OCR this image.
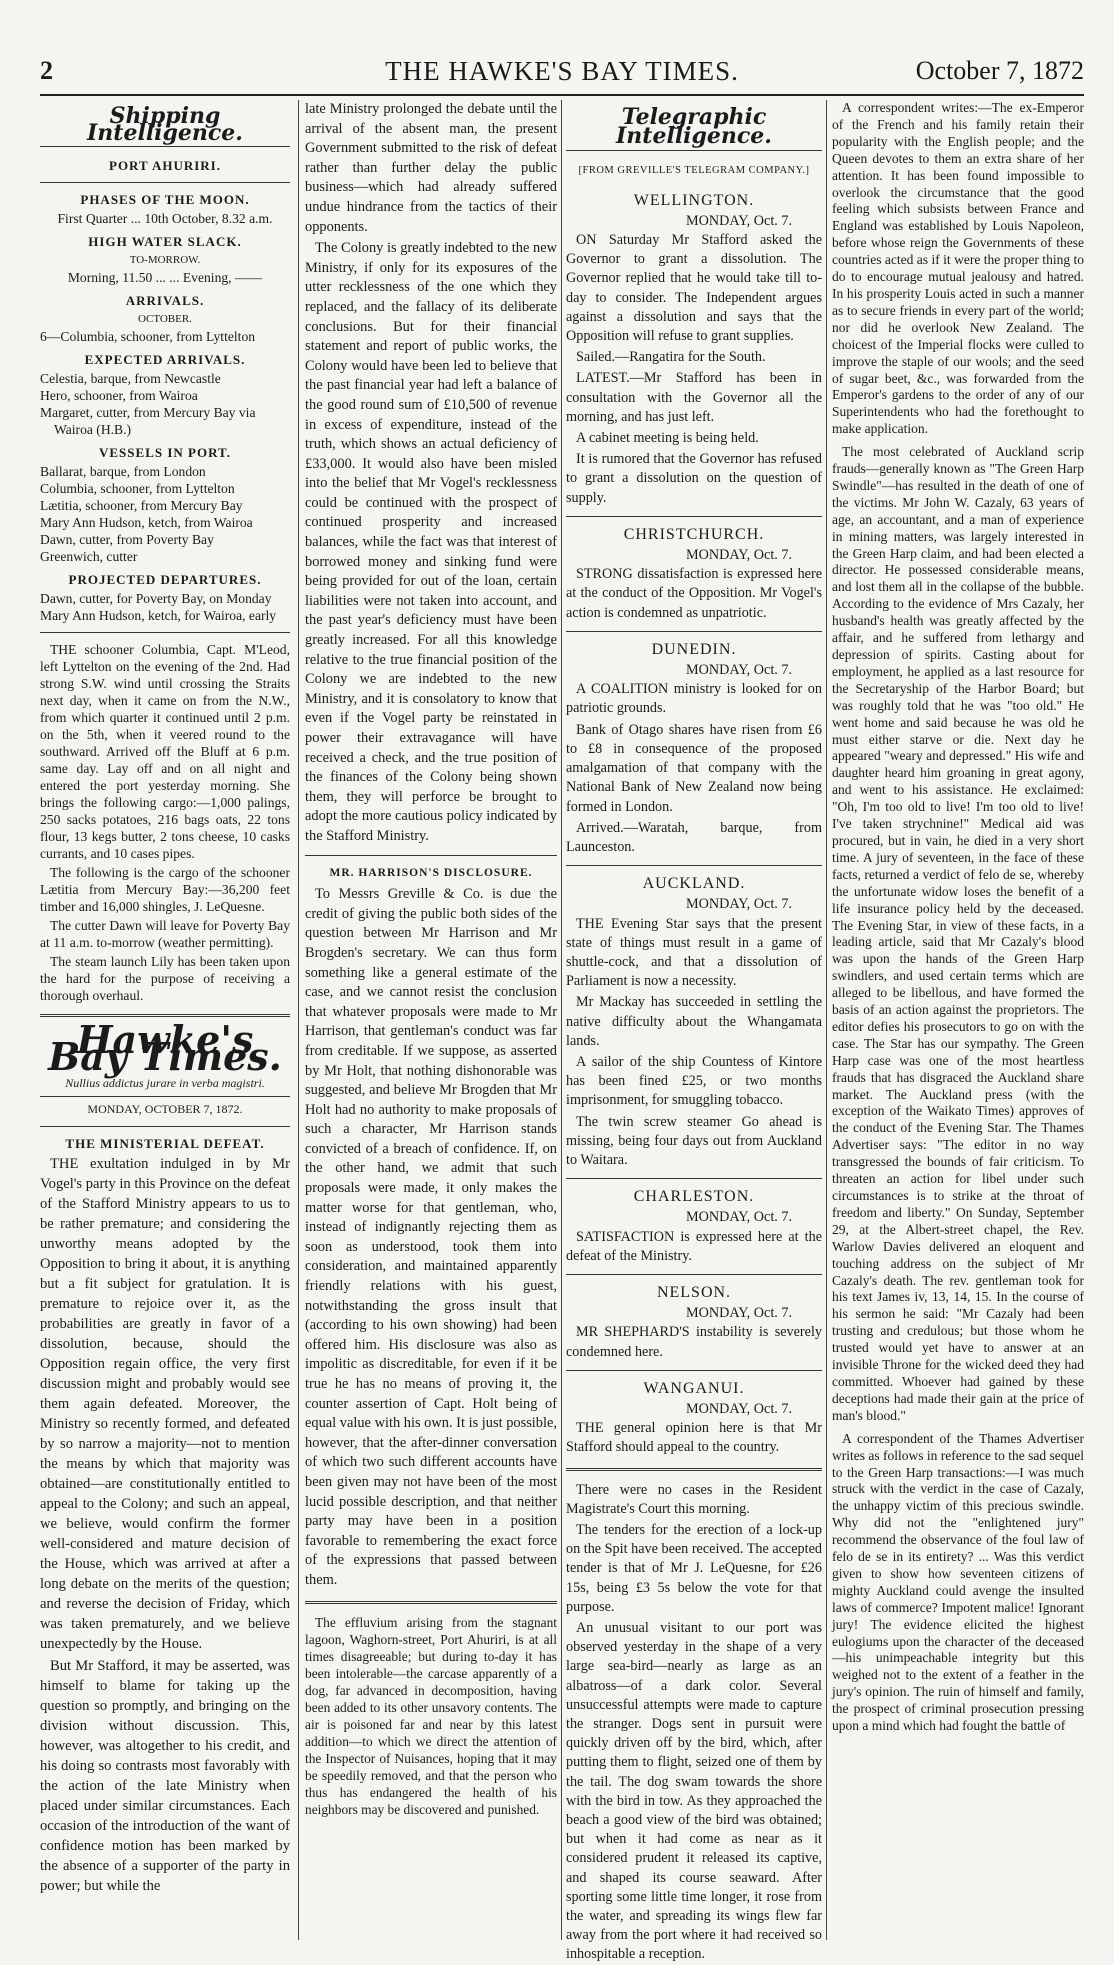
2	THE HAWKE'S BAY TIMES.	October 7, 1872
Shipping Intelligence.
PORT AHURIRI.
PHASES OF THE MOON.
First Quarter ... 10th October, 8.32 a.m.
HIGH WATER SLACK.
TO-MORROW.
Morning, 11.50 ... ... Evening, ——
ARRIVALS.
OCTOBER.
6—Columbia, schooner, from Lyttelton
EXPECTED ARRIVALS.
Celestia, barque, from Newcastle
Hero, schooner, from Wairoa
Margaret, cutter, from Mercury Bay via Wairoa (H.B.)
VESSELS IN PORT.
Ballarat, barque, from London
Columbia, schooner, from Lyttelton
Lætitia, schooner, from Mercury Bay
Mary Ann Hudson, ketch, from Wairoa
Dawn, cutter, from Poverty Bay
Greenwich, cutter
PROJECTED DEPARTURES.
Dawn, cutter, for Poverty Bay, on Monday
Mary Ann Hudson, ketch, for Wairoa, early
THE schooner Columbia, Capt. M'Leod, left Lyttelton on the evening of the 2nd. Had strong S.W. wind until crossing the Straits next day, when it came on from the N.W., from which quarter it continued until 2 p.m. on the 5th, when it veered round to the southward. Arrived off the Bluff at 6 p.m. same day. Lay off and on all night and entered the port yesterday morning. She brings the following cargo:—1,000 palings, 250 sacks potatoes, 216 bags oats, 22 tons flour, 13 kegs butter, 2 tons cheese, 10 casks currants, and 10 cases pipes.
The following is the cargo of the schooner Lætitia from Mercury Bay:—36,200 feet timber and 16,000 shingles, J. LeQuesne.
The cutter Dawn will leave for Poverty Bay at 11 a.m. to-morrow (weather permitting).
The steam launch Lily has been taken upon the hard for the purpose of receiving a thorough overhaul.
Hawke's Bay Times.
Nullius addictus jurare in verba magistri.
MONDAY, OCTOBER 7, 1872.
THE MINISTERIAL DEFEAT.
THE exultation indulged in by Mr Vogel's party in this Province on the defeat of the Stafford Ministry appears to us to be rather premature; and considering the unworthy means adopted by the Opposition to bring it about, it is anything but a fit subject for gratulation. It is premature to rejoice over it, as the probabilities are greatly in favor of a dissolution, because, should the Opposition regain office, the very first discussion might and probably would see them again defeated. Moreover, the Ministry so recently formed, and defeated by so narrow a majority—not to mention the means by which that majority was obtained—are constitutionally entitled to appeal to the Colony; and such an appeal, we believe, would confirm the former well-considered and mature decision of the House, which was arrived at after a long debate on the merits of the question; and reverse the decision of Friday, which was taken prematurely, and we believe unexpectedly by the House.
But Mr Stafford, it may be asserted, was himself to blame for taking up the question so promptly, and bringing on the division without discussion. This, however, was altogether to his credit, and his doing so contrasts most favorably with the action of the late Ministry when placed under similar circumstances. Each occasion of the introduction of the want of confidence motion has been marked by the absence of a supporter of the party in power; but while the
late Ministry prolonged the debate until the arrival of the absent man, the present Government submitted to the risk of defeat rather than further delay the public business—which had already suffered undue hindrance from the tactics of their opponents.
The Colony is greatly indebted to the new Ministry, if only for its exposures of the utter recklessness of the one which they replaced, and the fallacy of its deliberate conclusions. But for their financial statement and report of public works, the Colony would have been led to believe that the past financial year had left a balance of the good round sum of £10,500 of revenue in excess of expenditure, instead of the truth, which shows an actual deficiency of £33,000. It would also have been misled into the belief that Mr Vogel's recklessness could be continued with the prospect of continued prosperity and increased balances, while the fact was that interest of borrowed money and sinking fund were being provided for out of the loan, certain liabilities were not taken into account, and the past year's deficiency must have been greatly increased. For all this knowledge relative to the true financial position of the Colony we are indebted to the new Ministry, and it is consolatory to know that even if the Vogel party be reinstated in power their extravagance will have received a check, and the true position of the finances of the Colony being shown them, they will perforce be brought to adopt the more cautious policy indicated by the Stafford Ministry.
MR. HARRISON'S DISCLOSURE.
To Messrs Greville & Co. is due the credit of giving the public both sides of the question between Mr Harrison and Mr Brogden's secretary. We can thus form something like a general estimate of the case, and we cannot resist the conclusion that whatever proposals were made to Mr Harrison, that gentleman's conduct was far from creditable. If we suppose, as asserted by Mr Holt, that nothing dishonorable was suggested, and believe Mr Brogden that Mr Holt had no authority to make proposals of such a character, Mr Harrison stands convicted of a breach of confidence. If, on the other hand, we admit that such proposals were made, it only makes the matter worse for that gentleman, who, instead of indignantly rejecting them as soon as understood, took them into consideration, and maintained apparently friendly relations with his guest, notwithstanding the gross insult that (according to his own showing) had been offered him. His disclosure was also as impolitic as discreditable, for even if it be true he has no means of proving it, the counter assertion of Capt. Holt being of equal value with his own. It is just possible, however, that the after-dinner conversation of which two such different accounts have been given may not have been of the most lucid possible description, and that neither party may have been in a position favorable to remembering the exact force of the expressions that passed between them.
The effluvium arising from the stagnant lagoon, Waghorn-street, Port Ahuriri, is at all times disagreeable; but during to-day it has been intolerable—the carcase apparently of a dog, far advanced in decomposition, having been added to its other unsavory contents. The air is poisoned far and near by this latest addition—to which we direct the attention of the Inspector of Nuisances, hoping that it may be speedily removed, and that the person who thus has endangered the health of his neighbors may be discovered and punished.
Telegraphic Intelligence.
[FROM GREVILLE'S TELEGRAM COMPANY.]
WELLINGTON.
MONDAY, Oct. 7.
ON Saturday Mr Stafford asked the Governor to grant a dissolution. The Governor replied that he would take till to-day to consider. The Independent argues against a dissolution and says that the Opposition will refuse to grant supplies.
Sailed.—Rangatira for the South.
LATEST.—Mr Stafford has been in consultation with the Governor all the morning, and has just left.
A cabinet meeting is being held.
It is rumored that the Governor has refused to grant a dissolution on the question of supply.
CHRISTCHURCH.
MONDAY, Oct. 7.
STRONG dissatisfaction is expressed here at the conduct of the Opposition. Mr Vogel's action is condemned as unpatriotic.
DUNEDIN.
MONDAY, Oct. 7.
A COALITION ministry is looked for on patriotic grounds.
Bank of Otago shares have risen from £6 to £8 in consequence of the proposed amalgamation of that company with the National Bank of New Zealand now being formed in London.
Arrived.—Waratah, barque, from Launceston.
AUCKLAND.
MONDAY, Oct. 7.
THE Evening Star says that the present state of things must result in a game of shuttle-cock, and that a dissolution of Parliament is now a necessity.
Mr Mackay has succeeded in settling the native difficulty about the Whangamata lands.
A sailor of the ship Countess of Kintore has been fined £25, or two months imprisonment, for smuggling tobacco.
The twin screw steamer Go ahead is missing, being four days out from Auckland to Waitara.
CHARLESTON.
MONDAY, Oct. 7.
SATISFACTION is expressed here at the defeat of the Ministry.
NELSON.
MONDAY, Oct. 7.
MR SHEPHARD'S instability is severely condemned here.
WANGANUI.
MONDAY, Oct. 7.
THE general opinion here is that Mr Stafford should appeal to the country.
There were no cases in the Resident Magistrate's Court this morning.
The tenders for the erection of a lock-up on the Spit have been received. The accepted tender is that of Mr J. LeQuesne, for £26 15s, being £3 5s below the vote for that purpose.
An unusual visitant to our port was observed yesterday in the shape of a very large sea-bird—nearly as large as an albatross—of a dark color. Several unsuccessful attempts were made to capture the stranger. Dogs sent in pursuit were quickly driven off by the bird, which, after putting them to flight, seized one of them by the tail. The dog swam towards the shore with the bird in tow. As they approached the beach a good view of the bird was obtained; but when it had come as near as it considered prudent it released its captive, and shaped its course seaward. After sporting some little time longer, it rose from the water, and spreading its wings flew far away from the port where it had received so inhospitable a reception.
A correspondent writes:—The ex-Emperor of the French and his family retain their popularity with the English people; and the Queen devotes to them an extra share of her attention. It has been found impossible to overlook the circumstance that the good feeling which subsists between France and England was established by Louis Napoleon, before whose reign the Governments of these countries acted as if it were the proper thing to do to encourage mutual jealousy and hatred. In his prosperity Louis acted in such a manner as to secure friends in every part of the world; nor did he overlook New Zealand. The choicest of the Imperial flocks were culled to improve the staple of our wools; and the seed of sugar beet, &c., was forwarded from the Emperor's gardens to the order of any of our Superintendents who had the forethought to make application.
The most celebrated of Auckland scrip frauds—generally known as "The Green Harp Swindle"—has resulted in the death of one of the victims. Mr John W. Cazaly, 63 years of age, an accountant, and a man of experience in mining matters, was largely interested in the Green Harp claim, and had been elected a director. He possessed considerable means, and lost them all in the collapse of the bubble. According to the evidence of Mrs Cazaly, her husband's health was greatly affected by the affair, and he suffered from lethargy and depression of spirits. Casting about for employment, he applied as a last resource for the Secretaryship of the Harbor Board; but was roughly told that he was "too old." He went home and said because he was old he must either starve or die. Next day he appeared "weary and depressed." His wife and daughter heard him groaning in great agony, and went to his assistance. He exclaimed: "Oh, I'm too old to live! I'm too old to live! I've taken strychnine!" Medical aid was procured, but in vain, he died in a very short time. A jury of seventeen, in the face of these facts, returned a verdict of felo de se, whereby the unfortunate widow loses the benefit of a life insurance policy held by the deceased. The Evening Star, in view of these facts, in a leading article, said that Mr Cazaly's blood was upon the hands of the Green Harp swindlers, and used certain terms which are alleged to be libellous, and have formed the basis of an action against the proprietors. The editor defies his prosecutors to go on with the case. The Star has our sympathy. The Green Harp case was one of the most heartless frauds that has disgraced the Auckland share market. The Auckland press (with the exception of the Waikato Times) approves of the conduct of the Evening Star. The Thames Advertiser says: "The editor in no way transgressed the bounds of fair criticism. To threaten an action for libel under such circumstances is to strike at the throat of freedom and liberty." On Sunday, September 29, at the Albert-street chapel, the Rev. Warlow Davies delivered an eloquent and touching address on the subject of Mr Cazaly's death. The rev. gentleman took for his text James iv, 13, 14, 15. In the course of his sermon he said: "Mr Cazaly had been trusting and credulous; but those whom he trusted would yet have to answer at an invisible Throne for the wicked deed they had committed. Whoever had gained by these deceptions had made their gain at the price of man's blood."
A correspondent of the Thames Advertiser writes as follows in reference to the sad sequel to the Green Harp transactions:—I was much struck with the verdict in the case of Cazaly, the unhappy victim of this precious swindle. Why did not the "enlightened jury" recommend the observance of the foul law of felo de se in its entirety? ... Was this verdict given to show how seventeen citizens of mighty Auckland could avenge the insulted laws of commerce? Impotent malice! Ignorant jury! The evidence elicited the highest eulogiums upon the character of the deceased—his unimpeachable integrity but this weighed not to the extent of a feather in the jury's opinion. The ruin of himself and family, the prospect of criminal prosecution pressing upon a mind which had fought the battle of
